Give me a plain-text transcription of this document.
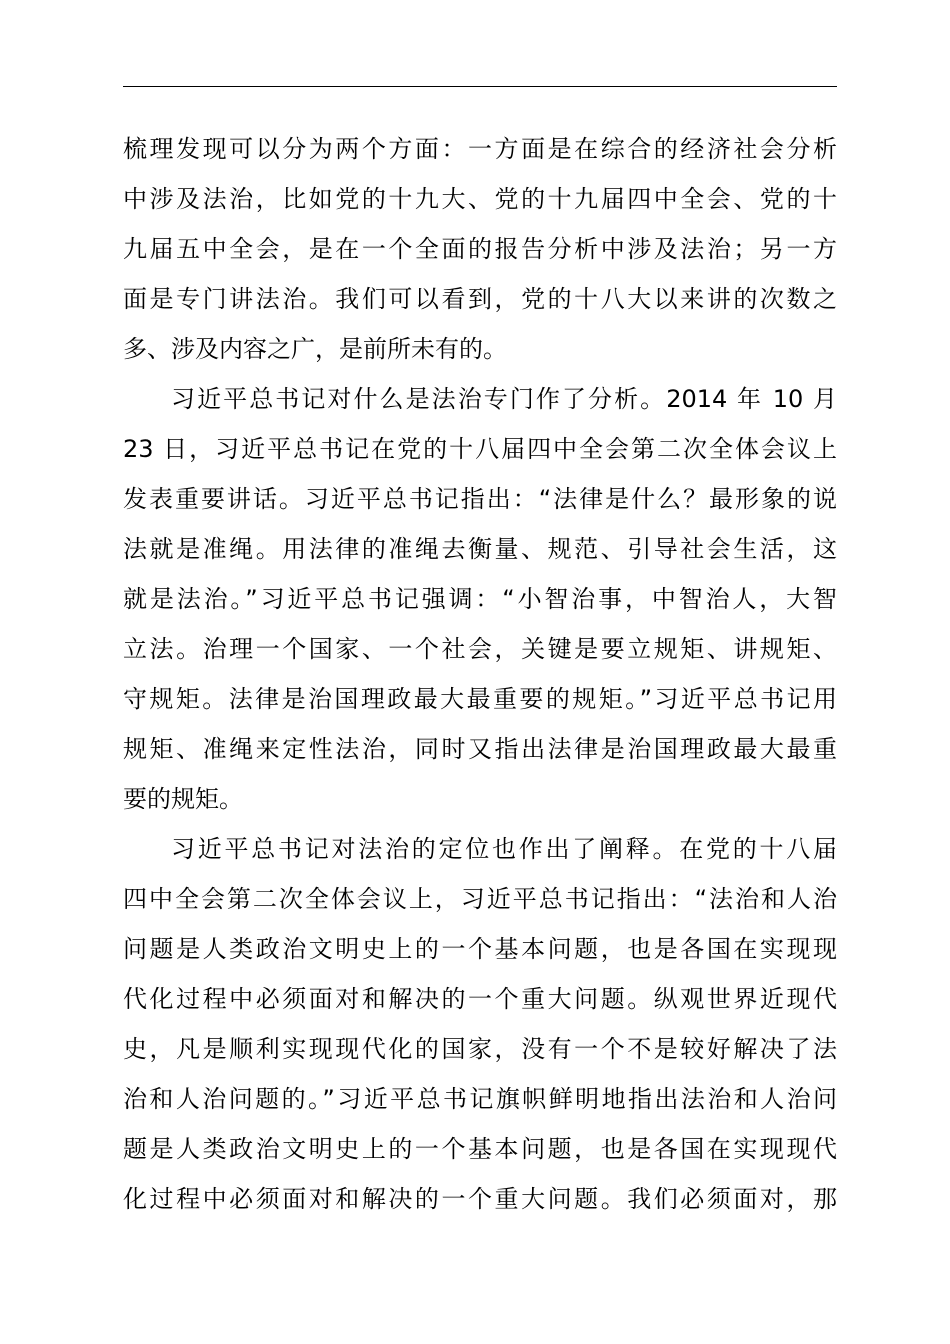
梳理发现可以分为两个方面：一方面是在综合的经济社会分析
中涉及法治，比如党的十九大、党的十九届四中全会、党的十
九届五中全会，是在一个全面的报告分析中涉及法治；另一方
面是专门讲法治。我们可以看到，党的十八大以来讲的次数之
多、涉及内容之广，是前所未有的。
习近平总书记对什么是法治专门作了分析。2014 年 10 月
23 日，习近平总书记在党的十八届四中全会第二次全体会议上
发表重要讲话。习近平总书记指出：“法律是什么？最形象的说
法就是准绳。用法律的准绳去衡量、规范、引导社会生活，这
就是法治。”习近平总书记强调：“小智治事，中智治人，大智
立法。治理一个国家、一个社会，关键是要立规矩、讲规矩、
守规矩。法律是治国理政最大最重要的规矩。”习近平总书记用
规矩、准绳来定性法治，同时又指出法律是治国理政最大最重
要的规矩。
习近平总书记对法治的定位也作出了阐释。在党的十八届
四中全会第二次全体会议上，习近平总书记指出：“法治和人治
问题是人类政治文明史上的一个基本问题，也是各国在实现现
代化过程中必须面对和解决的一个重大问题。纵观世界近现代
史，凡是顺利实现现代化的国家，没有一个不是较好解决了法
治和人治问题的。”习近平总书记旗帜鲜明地指出法治和人治问
题是人类政治文明史上的一个基本问题，也是各国在实现现代
化过程中必须面对和解决的一个重大问题。我们必须面对，那
